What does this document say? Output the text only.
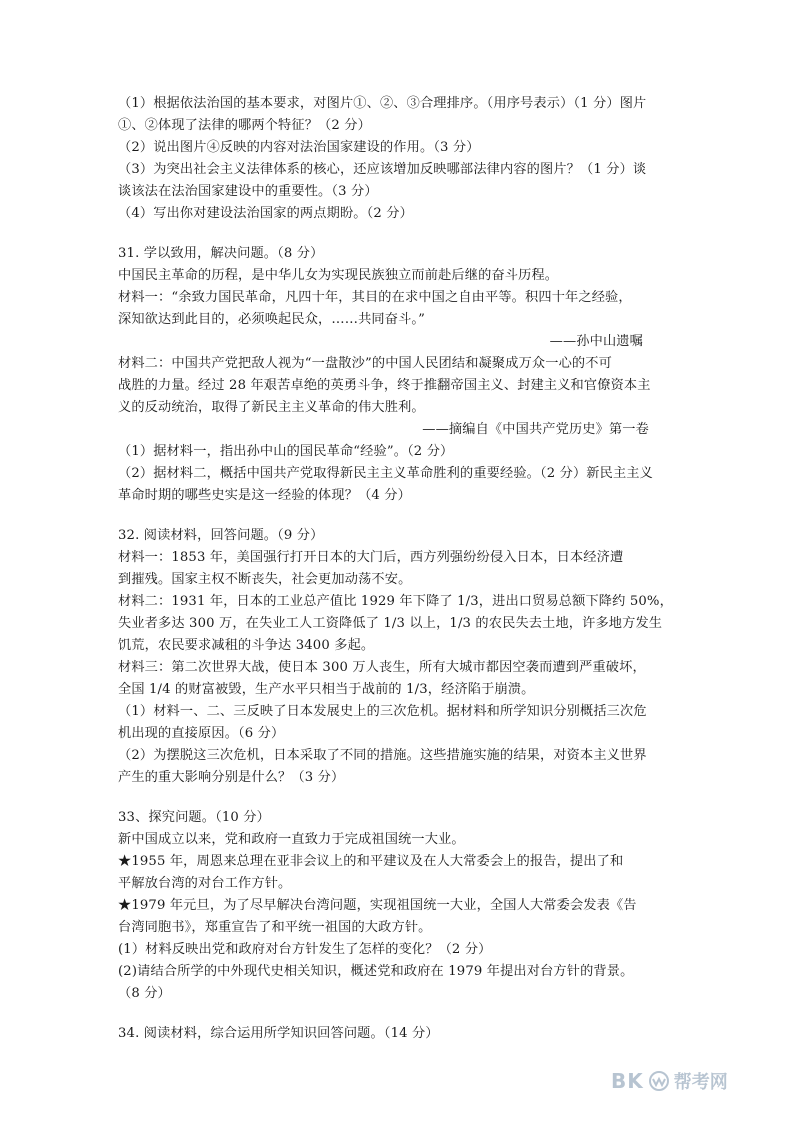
（1）根据依法治国的基本要求，对图片①、②、③合理排序。（用序号表示）（1 分）图片
①、②体现了法律的哪两个特征？（2 分）
（2）说出图片④反映的内容对法治国家建设的作用。（3 分）
（3）为突出社会主义法律体系的核心，还应该增加反映哪部法律内容的图片？（1 分）谈
谈该法在法治国家建设中的重要性。（3 分）
（4）写出你对建设法治国家的两点期盼。（2 分）
31. 学以致用，解决问题。（8 分）
中国民主革命的历程，是中华儿女为实现民族独立而前赴后继的奋斗历程。
材料一：“余致力国民革命，凡四十年，其目的在求中国之自由平等。积四十年之经验，
深知欲达到此目的，必须唤起民众，……共同奋斗。”
——孙中山遗嘱
材料二：中国共产党把敌人视为“一盘散沙”的中国人民团结和凝聚成万众一心的不可
战胜的力量。经过 28 年艰苦卓绝的英勇斗争，终于推翻帝国主义、封建主义和官僚资本主
义的反动统治，取得了新民主主义革命的伟大胜利。
——摘编自《中国共产党历史》第一卷
（1）据材料一，指出孙中山的国民革命“经验”。（2 分）
（2）据材料二，概括中国共产党取得新民主主义革命胜利的重要经验。（2 分）新民主主义
革命时期的哪些史实是这一经验的体现？（4 分）
32. 阅读材料，回答问题。（9 分）
材料一：1853 年，美国强行打开日本的大门后，西方列强纷纷侵入日本，日本经济遭
到摧残。国家主权不断丧失，社会更加动荡不安。
材料二：1931 年，日本的工业总产值比 1929 年下降了 1/3，进出口贸易总额下降约 50%，
失业者多达 300 万，在失业工人工资降低了 1/3 以上，1/3 的农民失去土地，许多地方发生
饥荒，农民要求减租的斗争达 3400 多起。
材料三：第二次世界大战，使日本 300 万人丧生，所有大城市都因空袭而遭到严重破坏，
全国 1/4 的财富被毁，生产水平只相当于战前的 1/3，经济陷于崩溃。
（1）材料一、二、三反映了日本发展史上的三次危机。据材料和所学知识分别概括三次危
机出现的直接原因。（6 分）
（2）为摆脱这三次危机，日本采取了不同的措施。这些措施实施的结果，对资本主义世界
产生的重大影响分别是什么？（3 分）
33、探究问题。（10 分）
新中国成立以来，党和政府一直致力于完成祖国统一大业。
★1955 年，周恩来总理在亚非会议上的和平建议及在人大常委会上的报告，提出了和
平解放台湾的对台工作方针。
★1979 年元旦，为了尽早解决台湾问题，实现祖国统一大业，全国人大常委会发表《告
台湾同胞书》，郑重宣告了和平统一祖国的大政方针。
(1）材料反映出党和政府对台方针发生了怎样的变化？（2 分）
(2)请结合所学的中外现代史相关知识，概述党和政府在 1979 年提出对台方针的背景。
（8 分）
34. 阅读材料，综合运用所学知识回答问题。（14 分）
BK 帮考网
